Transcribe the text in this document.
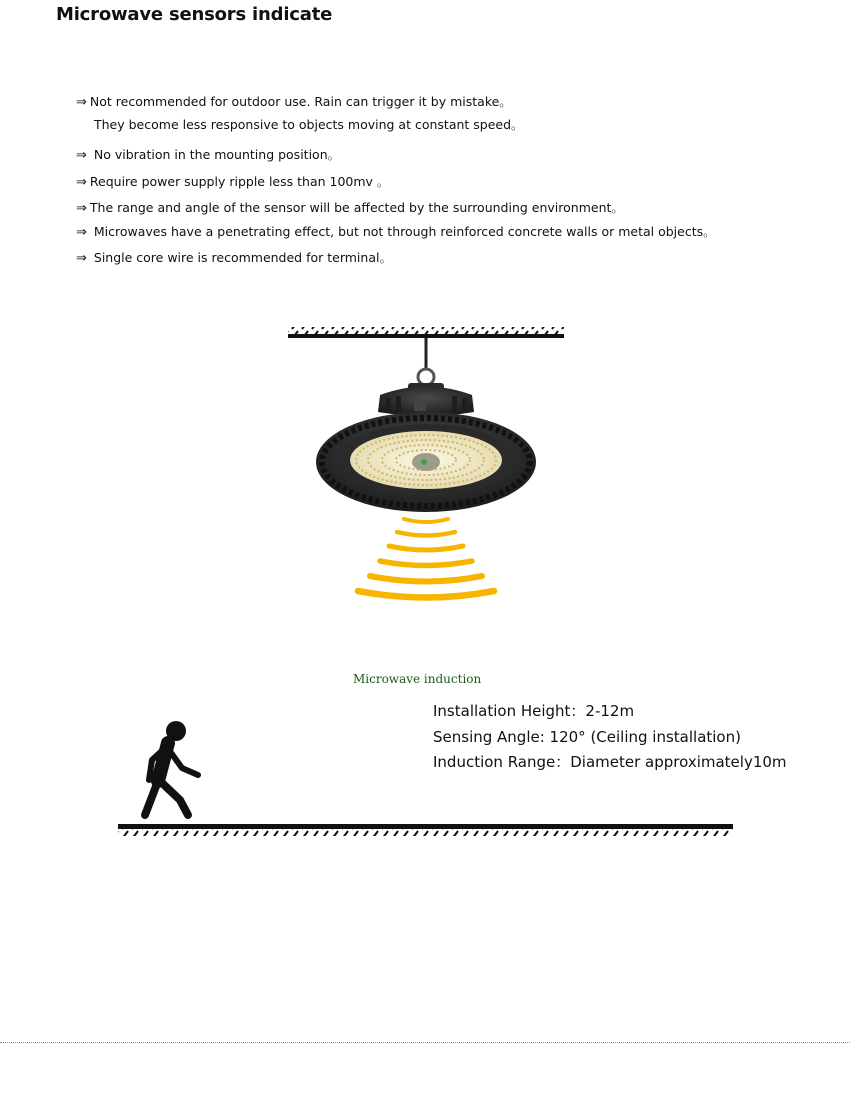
Microwave sensors indicate
⇒ Not recommended for outdoor use. Rain can trigger it by mistake。
They become less responsive to objects moving at constant speed。
⇒ No vibration in the mounting position。
⇒ Require power supply ripple less than 100mv 。
⇒ The range and angle of the sensor will be affected by the surrounding environment。
⇒ Microwaves have a penetrating effect, but not through reinforced concrete walls or metal objects。
⇒ Single core wire is recommended for terminal。
Microwave induction
Installation Height：2-12m
Sensing Angle: 120° (Ceiling installation)
Induction Range：Diameter approximately10m
